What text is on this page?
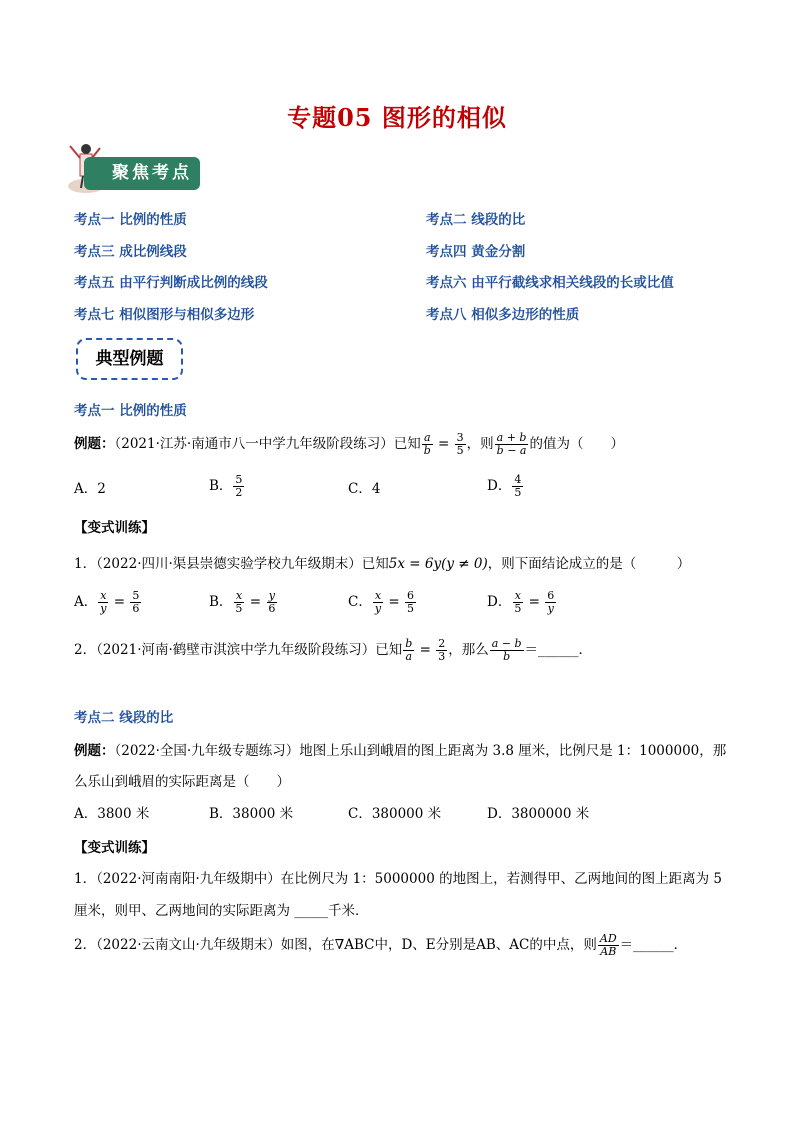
专题05 图形的相似
聚焦考点
考点一 比例的性质	考点二 线段的比
考点三 成比例线段	考点四 黄金分割
考点五 由平行判断成比例的线段	考点六 由平行截线求相关线段的长或比值
考点七 相似图形与相似多边形	考点八 相似多边形的性质
典型例题
考点一 比例的性质
例题：（2021·江苏·南通市八一中学九年级阶段练习）已知 $\frac{a}{b} = \frac{3}{5}$ ，则 $\frac{a + b}{b - a}$ 的值为（　　）
A．2	B． $\frac{5}{2}$	C．4	D． $\frac{4}{5}$
【变式训练】
1．（2022·四川·渠县崇德实验学校九年级期末）已知5x = 6y(y ≠ 0)，则下面结论成立的是（　　　）
A． $\frac{x}{y} = \frac{5}{6}$	B． $\frac{x}{5} = \frac{y}{6}$	C． $\frac{x}{y} = \frac{6}{5}$	D． $\frac{x}{5} = \frac{6}{y}$
2．（2021·河南·鹤壁市淇滨中学九年级阶段练习）已知 $\frac{b}{a} = \frac{2}{3}$ ，那么 $\frac{a - b}{b}$ ＝______．
考点二 线段的比
例题：（2022·全国·九年级专题练习）地图上乐山到峨眉的图上距离为 3.8 厘米，比例尺是 1：1000000，那
么乐山到峨眉的实际距离是（　　）
A．3800 米	B．38000 米	C．380000 米	D．3800000 米
【变式训练】
1．（2022·河南南阳·九年级期中）在比例尺为 1：5000000 的地图上，若测得甲、乙两地间的图上距离为 5
厘米，则甲、乙两地间的实际距离为 _____千米．
2．（2022·云南文山·九年级期末）如图，在∇ABC中，D、E分别是AB、AC的中点，则 $\frac{AD}{AB}$ ＝______．
